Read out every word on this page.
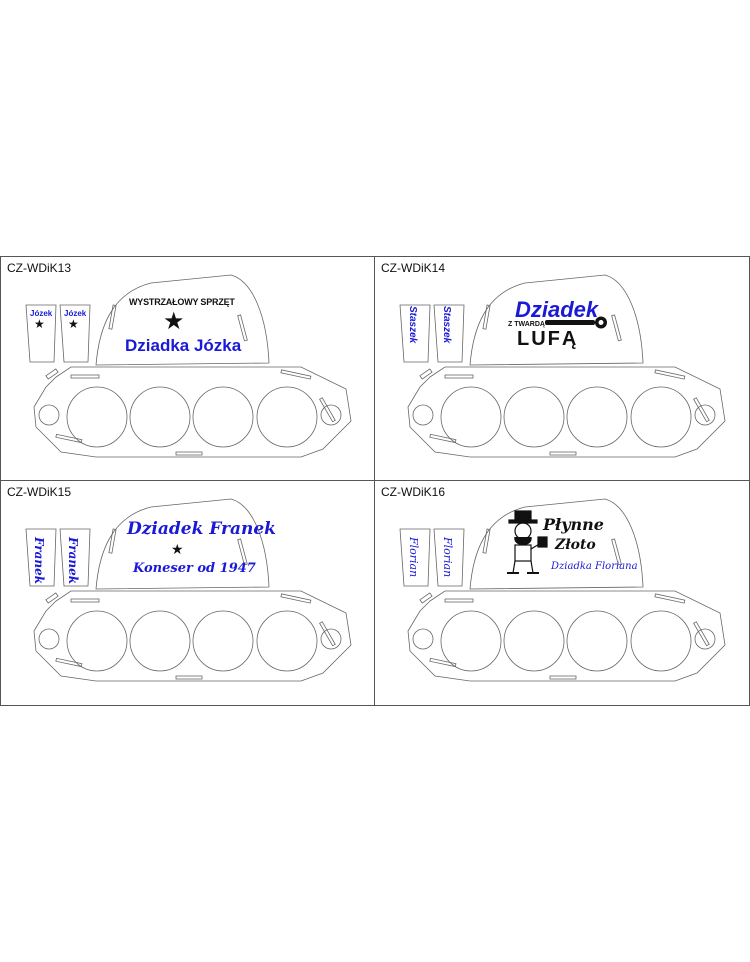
CZ-WDiK13
Józek
★
Józek
★
WYSTRZAŁOWY SPRZĘT
★
Dziadka Józka
CZ-WDiK14
Staszek Staszek	Dziadek
Z TWARDĄ
LUFĄ
CZ-WDiK15
Franek Franek
Dziadek Franek
★
Koneser od 1947
CZ-WDiK16
Florian Florian
Płynne
Złoto
Dziadka Floriana
